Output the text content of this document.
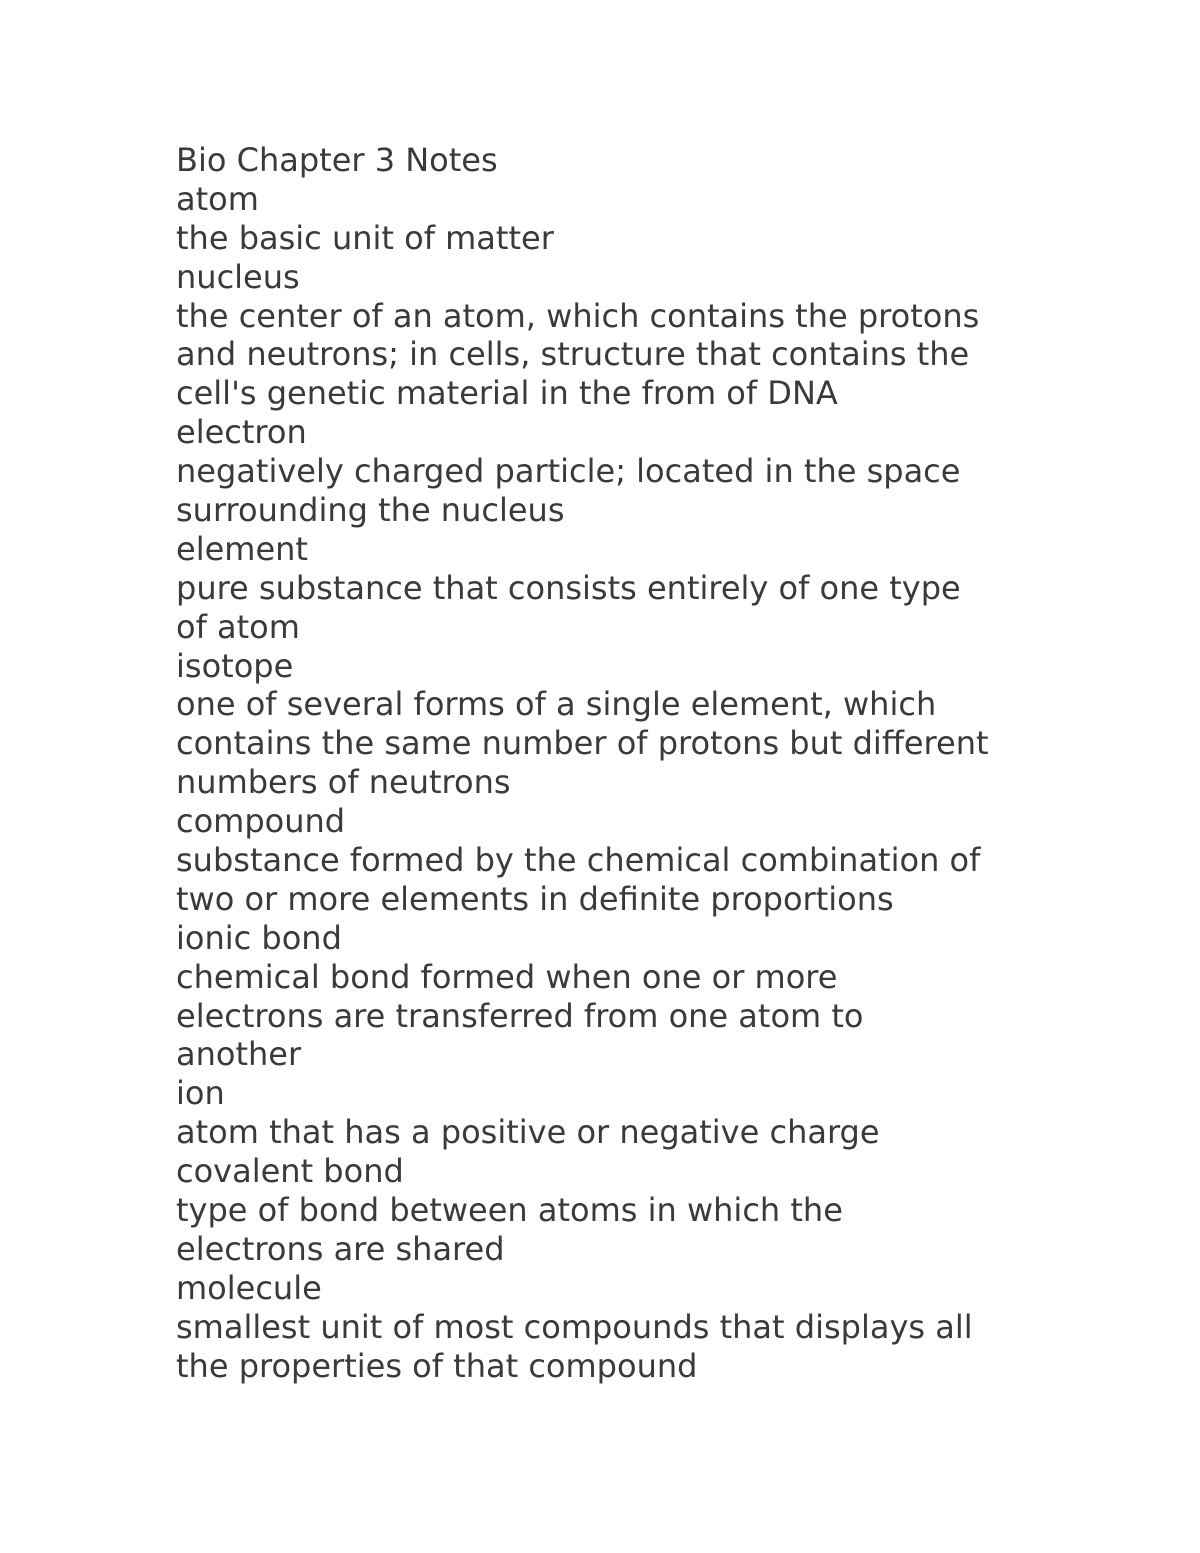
Bio Chapter 3 Notes
atom
the basic unit of matter
nucleus
the center of an atom, which contains the protons
and neutrons; in cells, structure that contains the
cell's genetic material in the from of DNA
electron
negatively charged particle; located in the space
surrounding the nucleus
element
pure substance that consists entirely of one type
of atom
isotope
one of several forms of a single element, which
contains the same number of protons but different
numbers of neutrons
compound
substance formed by the chemical combination of
two or more elements in definite proportions
ionic bond
chemical bond formed when one or more
electrons are transferred from one atom to
another
ion
atom that has a positive or negative charge
covalent bond
type of bond between atoms in which the
electrons are shared
molecule
smallest unit of most compounds that displays all
the properties of that compound
